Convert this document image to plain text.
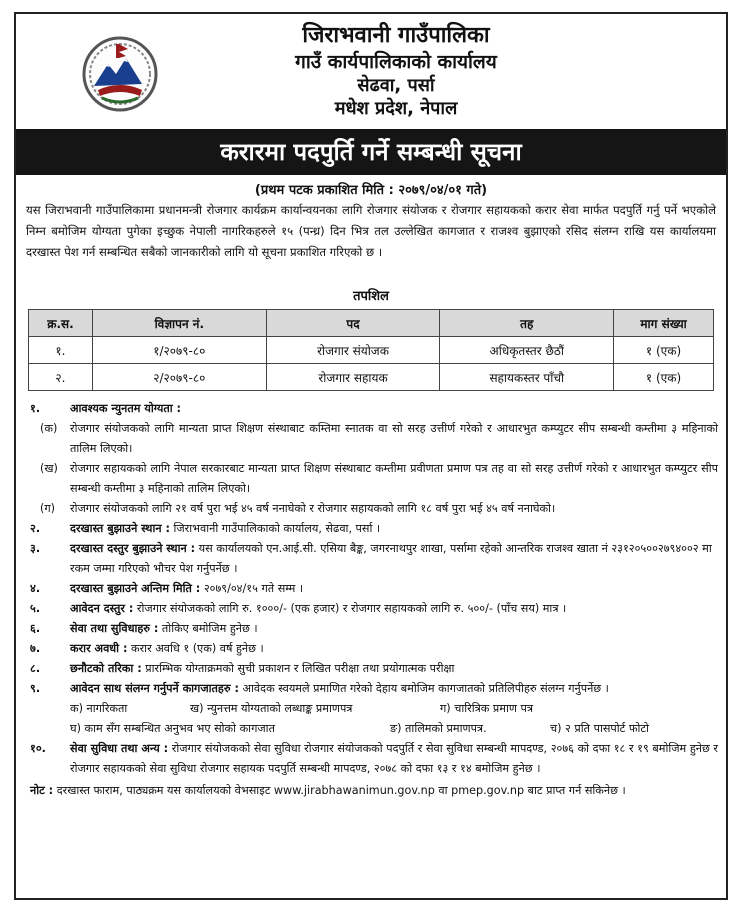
जिराभवानी गाउँपालिका
गाउँ कार्यपालिकाको कार्यालय
सेढवा, पर्सा
मधेश प्रदेश, नेपाल
करारमा पदपुर्ति गर्ने सम्बन्धी सूचना
(प्रथम पटक प्रकाशित मिति : २०७९/०४/०१ गते)
यस जिराभवानी गाउँपालिकामा प्रधानमन्त्री रोजगार कार्यक्रम कार्यान्वयनका लागि रोजगार संयोजक र रोजगार सहायकको करार सेवा मार्फत पदपुर्ति गर्नु पर्ने भएकोले निम्न बमोजिम योग्यता पुगेका इच्छुक नेपाली नागरिकहरुले १५ (पन्ध्र) दिन भित्र तल उल्लेखित कागजात र राजश्व बुझाएको रसिद संलग्न राखि यस कार्यालयमा दरखास्त पेश गर्न सम्बन्धित सबैको जानकारीको लागि यो सूचना प्रकाशित गरिएको छ ।
तपशिल
क्र.स.	विज्ञापन नं.	पद	तह	माग संख्या
१.	१/२०७९-८०	रोजगार संयोजक	अधिकृतस्तर छैठौं	१ (एक)
२.	२/२०७९-८०	रोजगार सहायक	सहायकस्तर पाँचौ	१ (एक)
१.	आवश्यक न्युनतम योग्यता :
(क) रोजगार संयोजकको लागि मान्यता प्राप्त शिक्षण संस्थाबाट कम्तिमा स्नातक वा सो सरह उत्तीर्ण गरेको र आधारभुत कम्प्युटर सीप सम्बन्धी कम्तीमा ३ महिनाको तालिम लिएको।
(ख) रोजगार सहायकको लागि नेपाल सरकारबाट मान्यता प्राप्त शिक्षण संस्थाबाट कम्तीमा प्रवीणता प्रमाण पत्र तह वा सो सरह उत्तीर्ण गरेको र आधारभुत कम्प्युटर सीप सम्बन्धी कम्तीमा ३ महिनाको तालिम लिएको।
(ग) रोजगार संयोजकको लागि २१ वर्ष पुरा भई ४५ वर्ष ननाघेको र रोजगार सहायकको लागि १८ वर्ष पुरा भई ४५ वर्ष ननाघेको।
२.	दरखास्त बुझाउने स्थान : जिराभवानी गाउँपालिकाको कार्यालय, सेढवा, पर्सा ।
३.	दरखास्त दस्तुर बुझाउने स्थान : यस कार्यालयको एन.आई.सी. एसिया बैङ्क, जगरनाथपुर शाखा, पर्सामा रहेको आन्तरिक राजश्व खाता नं २३१२०५००२७९४००२ मा रकम जम्मा गरिएको भौचर पेश गर्नुपर्नेछ ।
४.	दरखास्त बुझाउने अन्तिम मिति : २०७९/०४/१५ गते सम्म ।
५.	आवेदन दस्तुर : रोजगार संयोजकको लागि रु. १०००/- (एक हजार) र रोजगार सहायकको लागि रु. ५००/- (पाँच सय) मात्र ।
६.	सेवा तथा सुविधाहरु : तोकिए बमोजिम हुनेछ ।
७.	करार अवधी : करार अवधि १ (एक) वर्ष हुनेछ ।
८.	छनौटको तरिका : प्रारम्भिक योग्ताक्रमको सुची प्रकाशन र लिखित परीक्षा तथा प्रयोगात्मक परीक्षा
९.	आवेदन साथ संलग्न गर्नुपर्ने कागजातहरु : आवेदक स्वयमले प्रमाणित गरेको देहाय बमोजिम कागजातको प्रतिलिपीहरु संलग्न गर्नुपर्नेछ ।
क) नागरिकता	ख) न्युनत्तम योग्यताको लब्धाङ्क प्रमाणपत्र	ग) चारित्रिक प्रमाण पत्र
घ) काम सँग सम्बन्धित अनुभव भए सोको कागजात	ङ) तालिमको प्रमाणपत्र.	च) २ प्रति पासपोर्ट फोटो
१०. सेवा सुविधा तथा अन्य : रोजगार संयोजकको सेवा सुविधा रोजगार संयोजकको पदपुर्ति र सेवा सुविधा सम्बन्धी मापदण्ड, २०७६ को दफा १८ र १९ बमोजिम हुनेछ र रोजगार सहायकको सेवा सुविधा रोजगार सहायक पदपुर्ति सम्बन्धी मापदण्ड, २०७८ को दफा १३ र १४ बमोजिम हुनेछ ।
नोट : दरखास्त फाराम, पाठ्यक्रम यस कार्यालयको वेभसाइट www.jirabhawanimun.gov.np वा pmep.gov.np बाट प्राप्त गर्न सकिनेछ ।
